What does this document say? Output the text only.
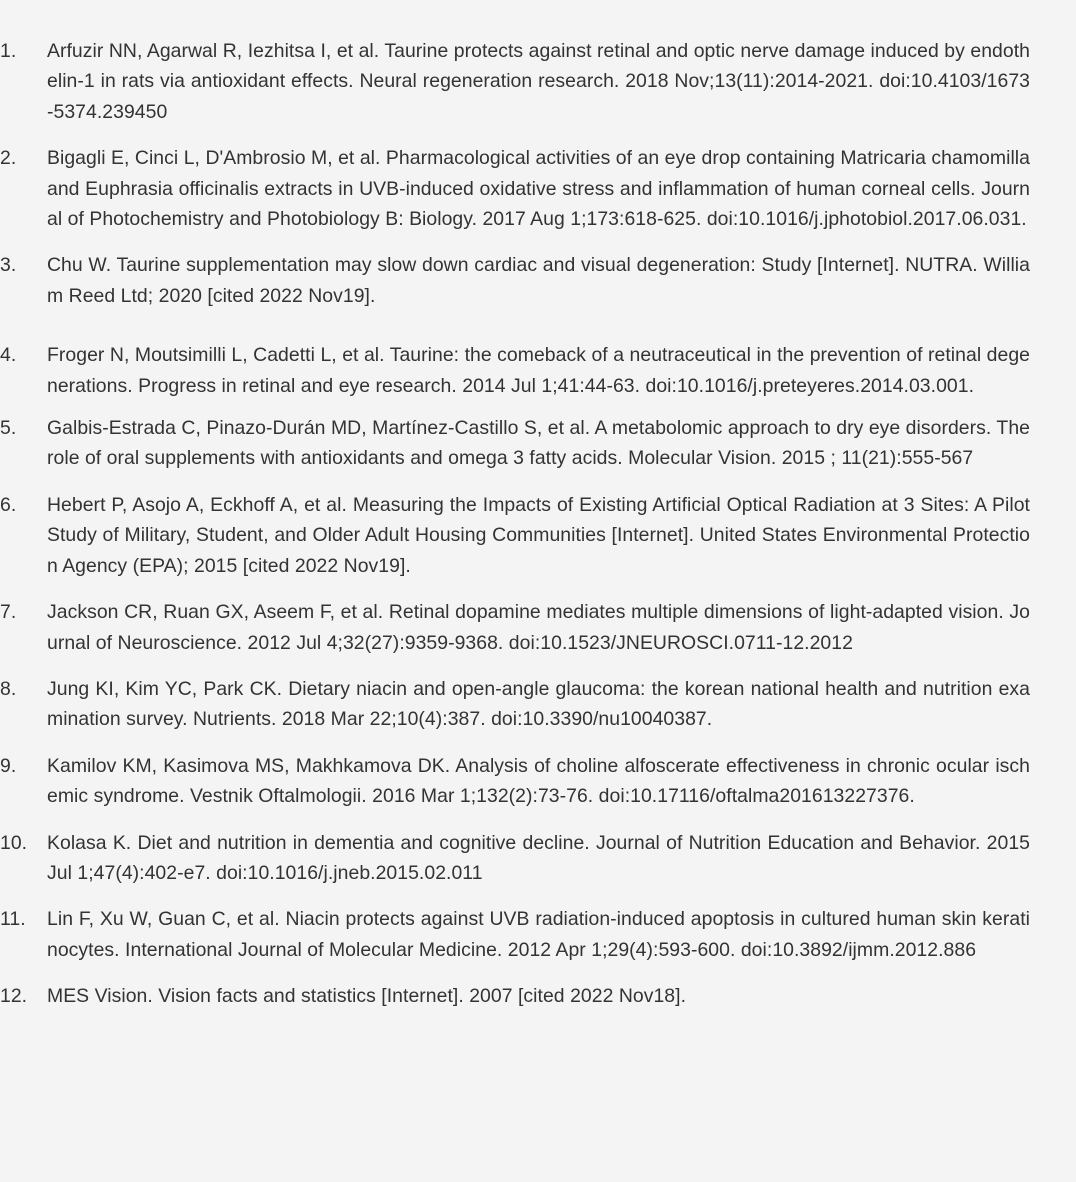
1.	Arfuzir NN, Agarwal R, Iezhitsa I, et al. Taurine protects against retinal and optic nerve damage induced by endothelin-1 in rats via antioxidant effects. Neural regeneration research. 2018 Nov;13(11):2014-2021. doi:10.4103/1673-5374.239450
2.	Bigagli E, Cinci L, D'Ambrosio M, et al. Pharmacological activities of an eye drop containing Matricaria chamomilla and Euphrasia officinalis extracts in UVB-induced oxidative stress and inflammation of human corneal cells. Journal of Photochemistry and Photobiology B: Biology. 2017 Aug 1;173:618-625. doi:10.1016/j.jphotobiol.2017.06.031.
3.	Chu W. Taurine supplementation may slow down cardiac and visual degeneration: Study [Internet]. NUTRA. William Reed Ltd; 2020 [cited 2022 Nov19].
4.	Froger N, Moutsimilli L, Cadetti L, et al. Taurine: the comeback of a neutraceutical in the prevention of retinal degenerations. Progress in retinal and eye research. 2014 Jul 1;41:44-63. doi:10.1016/j.preteyeres.2014.03.001.
5.	Galbis-Estrada C, Pinazo-Durán MD, Martínez-Castillo S, et al. A metabolomic approach to dry eye disorders. The role of oral supplements with antioxidants and omega 3 fatty acids. Molecular Vision. 2015 ; 11(21):555-567
6.	Hebert P, Asojo A, Eckhoff A, et al. Measuring the Impacts of Existing Artificial Optical Radiation at 3 Sites: A Pilot Study of Military, Student, and Older Adult Housing Communities [Internet]. United States Environmental Protection Agency (EPA); 2015 [cited 2022 Nov19].
7.	Jackson CR, Ruan GX, Aseem F, et al. Retinal dopamine mediates multiple dimensions of light-adapted vision. Journal of Neuroscience. 2012 Jul 4;32(27):9359-9368. doi:10.1523/JNEUROSCI.0711-12.2012
8.	Jung KI, Kim YC, Park CK. Dietary niacin and open-angle glaucoma: the korean national health and nutrition examination survey. Nutrients. 2018 Mar 22;10(4):387. doi:10.3390/nu10040387.
9.	Kamilov KM, Kasimova MS, Makhkamova DK. Analysis of choline alfoscerate effectiveness in chronic ocular ischemic syndrome. Vestnik Oftalmologii. 2016 Mar 1;132(2):73-76. doi:10.17116/oftalma201613227376.
10.	Kolasa K. Diet and nutrition in dementia and cognitive decline. Journal of Nutrition Education and Behavior. 2015 Jul 1;47(4):402-e7. doi:10.1016/j.jneb.2015.02.011
11.	Lin F, Xu W, Guan C, et al. Niacin protects against UVB radiation-induced apoptosis in cultured human skin keratinocytes. International Journal of Molecular Medicine. 2012 Apr 1;29(4):593-600. doi:10.3892/ijmm.2012.886
12.	MES Vision. Vision facts and statistics [Internet]. 2007 [cited 2022 Nov18].
